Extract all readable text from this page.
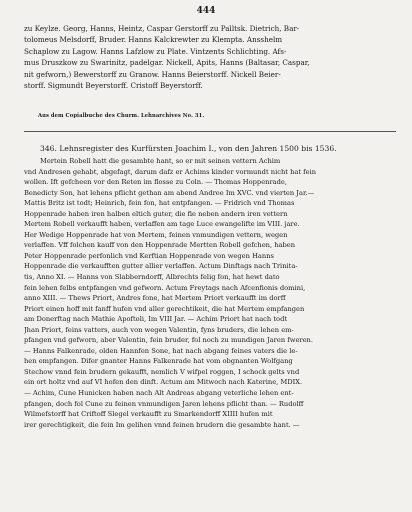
444
zu Keylze. Georg, Hanns, Heintz, Caspar Gerstorff zu Palltsk. Dietrich, Bar-
tolomeus Melsdorff, Bruder. Hanns Kalckrewter zu Klempta. Ansshelm
Schaplow zu Lagow. Hanns Lafzlow zu Plate. Vintzents Schlichting. Afs-
mus Druszkow zu Swarinitz, padelgar. Nickell, Apits, Hanns (Baltasar, Caspar,
nit gefworn,) Bewerstorff zu Granow. Hanns Beierstorff. Nickell Beier-
storff. Sigmundt Beyerstorff. Cristoff Beyerstorff.
Aus dem Copialbuche des Churm. Lehnarchives No. 31.
346. Lehnsregister des Kurfürsten Joachim I., von den Jahren 1500 bis 1536.
Mertein Robell hatt die gesambte hant, so er mit seinen vettern Achim
vnd Andresen gehabt, abgefagt, darum dafz er Achims kinder vormundt nicht hat fein
wollen. Ift gefcheen vor den Reten im flosse zu Coln. — Thomas Hoppenrade,
Benedicty Son, hat lehens pflicht gethan am abend Andree Im XVC. vnd vierten Jar.—
Mattis Britz ist todt; Heinrich, fein fon, hat entpfangen. — Fridrich vnd Thomas
Hoppenrade haben iren halben eltich guter, die fie neben andern iren vettern
Mertem Robell verkaufft haben, verlaffen am tage Luce ewangelifte im VIII. jare.
Her Wedige Hoppenrade hat von Mertem, feinen vnmundigen vettern, wegen
verlaffen. Vff folchen kauff von den Hoppenrade Mertten Robell gefchen, haben
Peter Hoppenrade perfonlich vnd Kerftian Hoppenrade von wegen Hanns
Hoppenrade die verkaufften gutter allier verlaffen. Actum Dinftags nach Trinita-
tis, Anno XI. — Hanns von Slabberndorff, Albrechts felig fon, hat hewt dato
fein lehen felbs entpfangen vnd gefworn. Actum Freytags nach Afcenfionis domini,
anno XIII. — Thews Priort, Andres fone, hat Mertem Priort verkaufft im dorff
Priort einen hoff mit fanff hufen vnd aller gerechtikeit, die hat Mertem empfangen
am Donerftag nach Mathie Apoftoli, Im VIII Jar. — Achim Priort hat nach todt
Jhan Priort, feins vatters, auch von wegen Valentin, fyns bruders, die lehen em-
pfangen vnd gefworn, aber Valentin, fein bruder, fol noch zu mundigen Jaren fweren.
— Hanns Falkenrade, olden Hannfen Sone, hat nach abgang feines vaters die le-
hen empfangen. Difer gnanter Hanns Falkenrade hat vom obgnanten Wolfgang
Stechow vnnd fein brudern gekaufft, nemlich V wifpel roggen, I schock gelts vnd
ein ort holtz vnd auf VI hofen den dinft. Actum am Mitwoch nach Katerine, MDIX.
— Achim, Cune Hunicken haben nach Alt Andreas abgang veterliche lehen ent-
pfangen, doch fol Cune zu feinen vnmundigen Jaren lehens pflicht than. — Rudolff
Wilmefstorff hat Criftoff Slegel verkaufft zu Smarkendorff XIIII hufen mit
irer gerechtigkeit, die fein Im gelihen vnnd feinen brudern die gesambte hant. —
